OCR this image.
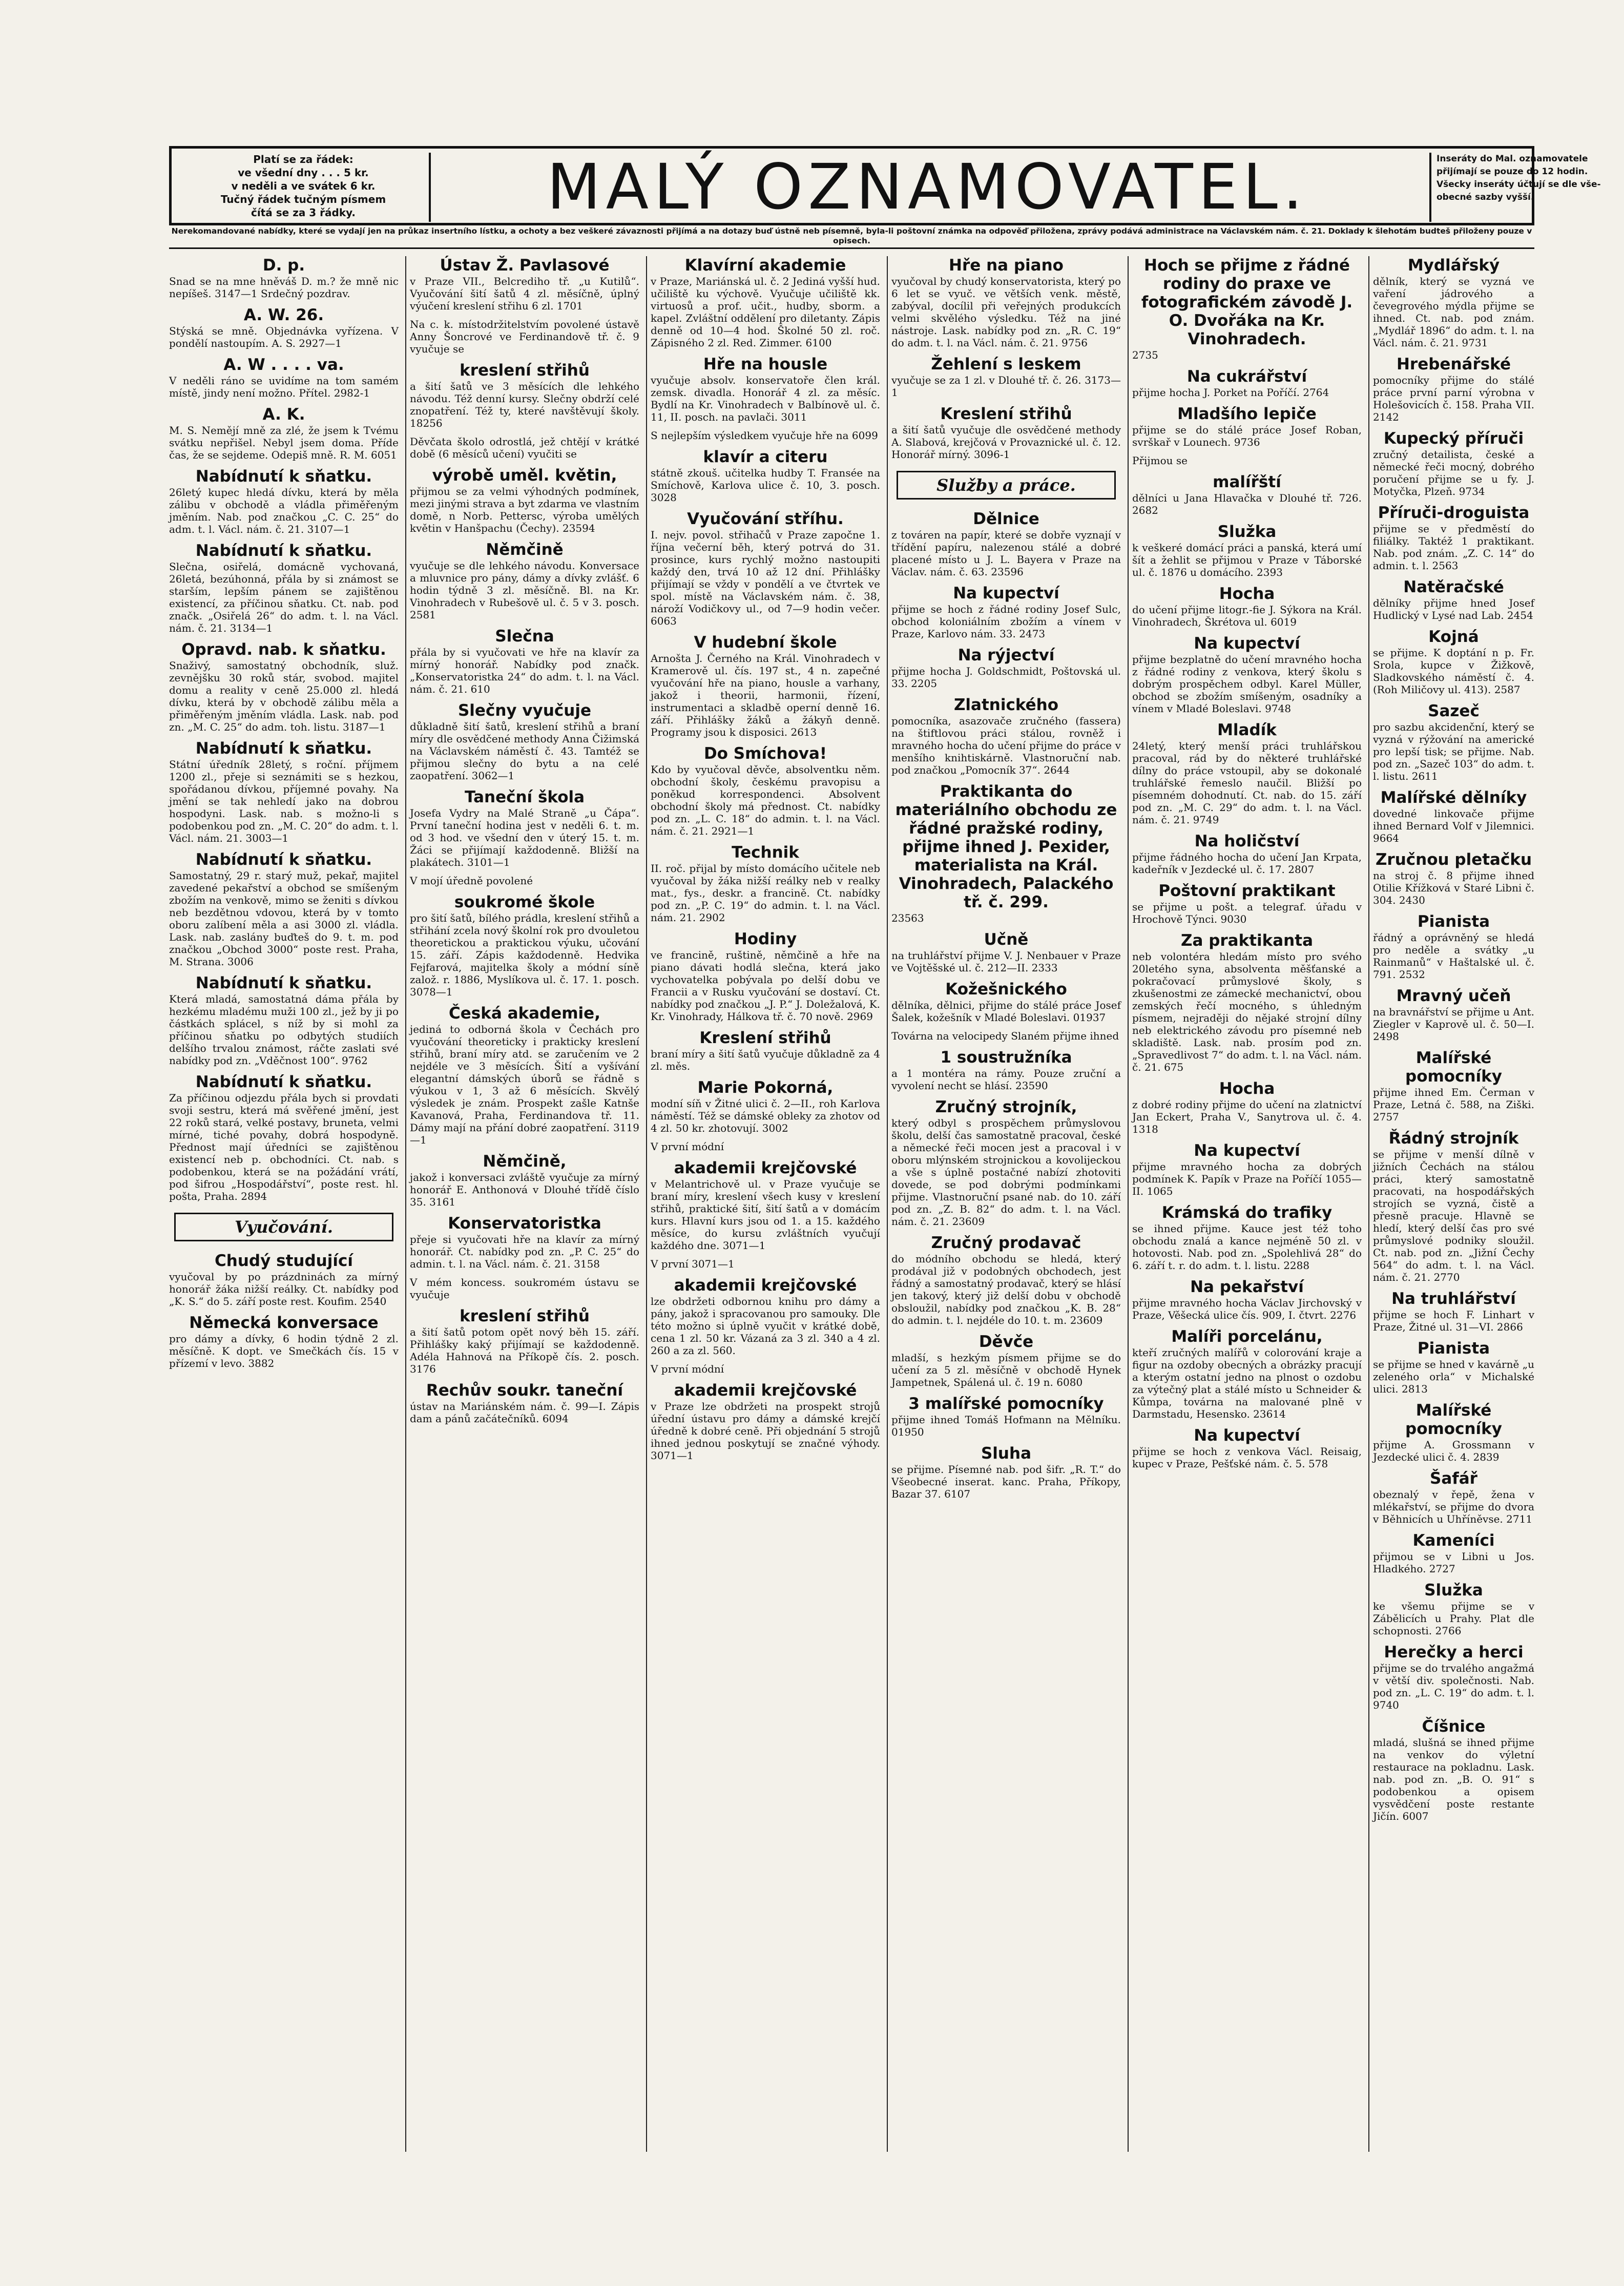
Platí se za řádek:
ve všední dny . . . 5 kr.
v neděli a ve svátek 6 kr.
Tučný řádek tučným písmem
čítá se za 3 řádky.	MALÝ OZNAMOVATEL.	Inseráty do Mal. oznamovatele
přijímají se pouze do 12 hodin.
Všecky inseráty účtují se dle vše-
obecné sazby vyšší.
Nerekomandované nabídky, které se vydají jen na průkaz insertního lístku, a ochoty a bez veškeré závaznosti přijímá a na dotazy buď ústně neb písemně, byla-li poštovní známka na odpověď přiložena, zprávy podává administrace na Václavském nám. č. 21. Doklady k šlehotám budteš přiloženy pouze v opisech.
D. p.
Snad se na mne hněváš D. m.? že mně nic nepíšeš. 3147—1 Srdečný pozdrav.
A. W. 26.
Stýská se mně. Objednávka vyřízena. V pondělí nastoupím. A. S. 2927—1
A. W . . . . va.
V neděli ráno se uvidíme na tom samém místě, jindy není možno. Přítel. 2982-1
A. K.
M. S. Nemějí mně za zlé, že jsem k Tvému svátku nepřišel. Nebyl jsem doma. Příde čas, že se sejdeme. Odepiš mně. R. M. 6051
Nabídnutí k sňatku.
26letý kupec hledá dívku, která by měla zálibu v obchodě a vládla přiměřeným jměním. Nab. pod značkou „C. C. 25“ do adm. t. l. Václ. nám. č. 21. 3107—1
Nabídnutí k sňatku.
Slečna, osiřelá, domácně vychovaná, 26letá, bezúhonná, přála by si známost se starším, lepším pánem se zajištěnou existencí, za příčinou sňatku. Ct. nab. pod značk. „Osiřelá 26“ do adm. t. l. na Václ. nám. č. 21. 3134—1
Opravd. nab. k sňatku.
Snaživý, samostatný obchodník, služ. zevnějšku 30 roků stár, svobod. majitel domu a reality v ceně 25.000 zl. hledá dívku, která by v obchodě zálibu měla a přiměřeným jměním vládla. Lask. nab. pod zn. „M. C. 25“ do adm. toh. listu. 3187—1
Nabídnutí k sňatku.
Státní úředník 28letý, s roční. příjmem 1200 zl., přeje si seznámiti se s hezkou, spořádanou dívkou, příjemné povahy. Na jmění se tak nehledí jako na dobrou hospodyni. Lask. nab. s možno-li s podobenkou pod zn. „M. C. 20“ do adm. t. l. Václ. nám. 21. 3003—1
Nabídnutí k sňatku.
Samostatný, 29 r. starý muž, pekař, majitel zavedené pekařství a obchod se smíšeným zbožím na venkově, mimo se ženiti s dívkou neb bezdětnou vdovou, která by v tomto oboru zalíbení měla a asi 3000 zl. vládla. Lask. nab. zaslány buďteš do 9. t. m. pod značkou „Obchod 3000“ poste rest. Praha, M. Strana. 3006
Nabídnutí k sňatku.
Která mladá, samostatná dáma přála by hezkému mladému muži 100 zl., jež by ji po částkách splácel, s níž by si mohl za příčinou sňatku po odbytých studiích delšího trvalou známost, ráčte zaslati své nabídky pod zn. „Vděčnost 100“. 9762
Nabídnutí k sňatku.
Za příčinou odjezdu přála bych si provdati svoji sestru, která má svěřené jmění, jest 22 roků stará, velké postavy, bruneta, velmi mírné, tiché povahy, dobrá hospodyně. Přednost mají úředníci se zajištěnou existencí neb p. obchodníci. Ct. nab. s podobenkou, která se na požádání vrátí, pod šifrou „Hospodářství“, poste rest. hl. pošta, Praha. 2894
Vyučování.
Chudý studující
vyučoval by po prázdninách za mírný honorář žáka nižší reálky. Ct. nabídky pod „K. S.“ do 5. září poste rest. Koufim. 2540
Německá konversace
pro dámy a dívky, 6 hodin týdně 2 zl. měsíčně. K dopt. ve Smečkách čís. 15 v přízemí v levo. 3882
Ústav Ž. Pavlasové
v Praze VII., Belcrediho tř. „u Kutilů“. Vyučování šití šatů 4 zl. měsíčně, úplný výučení kreslení střihu 6 zl. 1701
Na c. k. místodržitelstvím povolené ústavě Anny Šoncrové ve Ferdinandově tř. č. 9 vyučuje se
kreslení střihů
a šití šatů ve 3 měsících dle lehkého návodu. Též denní kursy. Slečny obdrží celé znopatření. Též ty, které navštěvují školy. 18256
Děvčata školo odrostlá, jež chtějí v krátké době (6 měsíců učení) vyučiti se
výrobě uměl. květin,
přijmou se za velmi výhodných podmínek, mezi jinými strava a byt zdarma ve vlastním domě, n Norb. Pettersc, výroba umělých květin v Hanšpachu (Čechy). 23594
Němčině
vyučuje se dle lehkého návodu. Konversace a mluvnice pro pány, dámy a dívky zvlášť. 6 hodin týdně 3 zl. měsíčně. Bl. na Kr. Vinohradech v Rubešově ul. č. 5 v 3. posch. 2581
Slečna
přála by si vyučovati ve hře na klavír za mírný honorář. Nabídky pod značk. „Konservatoristka 24“ do adm. t. l. na Václ. nám. č. 21. 610
Slečny vyučuje
důkladně šití šatů, kreslení střihů a braní míry dle osvědčené methody Anna Čižimská na Václavském náměstí č. 43. Tamtéž se přijmou slečny do bytu a na celé zaopatření. 3062—1
Taneční škola
Josefa Vydry na Malé Straně „u Čápa“. První taneční hodina jest v neděli 6. t. m. od 3 hod. ve všední den v úterý 15. t. m. Žáci se přijímají každodenně. Bližší na plakátech. 3101—1
V mojí úředně povolené
soukromé škole
pro šití šatů, bílého prádla, kreslení střihů a střihání zcela nový školní rok pro dvouletou theoretickou a praktickou výuku, učování 15. září. Zápis každodenně. Hedvika Fejfarová, majitelka školy a módní síně založ. r. 1886, Myslíkova ul. č. 17. 1. posch. 3078—1
Česká akademie,
jediná to odborná škola v Čechách pro vyučování theoreticky i prakticky kreslení střihů, braní míry atd. se zaručením ve 2 nejdéle ve 3 měsících. Šití a vyšívání elegantní dámských úborů se řádně s výukou v 1, 3 až 6 měsících. Skvělý výsledek je znám. Prospekt zašle Katnše Kavanová, Praha, Ferdinandova tř. 11. Dámy mají na přání dobré zaopatření. 3119—1
Němčině,
jakož i konversaci zvláště vyučuje za mírný honorář E. Anthonová v Dlouhé třídě číslo 35. 3161
Konservatoristka
přeje si vyučovati hře na klavír za mírný honorář. Ct. nabídky pod zn. „P. C. 25“ do admin. t. l. na Václ. nám. č. 21. 3158
V mém koncess. soukromém ústavu se vyučuje
kreslení střihů
a šití šatů potom opět nový běh 15. září. Přihlášky kaký přijímají se každodenně. Adéla Hahnová na Příkopě čís. 2. posch. 3176
Rechův soukr. taneční
ústav na Mariánském nám. č. 99—I. Zápis dam a pánů začátečníků. 6094
Klavírní akademie
v Praze, Mariánská ul. č. 2 Jediná vyšší hud. učiliště ku výchově. Vyučuje učiliště kk. virtuosů a prof. učit., hudby, sborm. a kapel. Zvláštní oddělení pro diletanty. Zápis denně od 10—4 hod. Školné 50 zl. roč. Zápisného 2 zl. Red. Zimmer. 6100
Hře na housle
vyučuje absolv. konservatoře člen král. zemsk. divadla. Honorář 4 zl. za měsíc. Bydlí na Kr. Vinohradech v Balbínově ul. č. 11, II. posch. na pavlači. 3011
S nejlepším výsledkem vyučuje hře na 6099
klavír a citeru
státně zkouš. učitelka hudby T. Fransée na Smíchově, Karlova ulice č. 10, 3. posch. 3028
Vyučování stříhu.
I. nejv. povol. střihačů v Praze započne 1. října večerní běh, který potrvá do 31. prosince, kurs rychlý možno nastoupiti každý den, trvá 10 až 12 dní. Přihlášky přijímají se vždy v pondělí a ve čtvrtek ve spol. místě na Václavském nám. č. 38, nároží Vodičkovy ul., od 7—9 hodin večer. 6063
V hudební škole
Arnošta J. Černého na Král. Vinohradech v Kramerově ul. čís. 197 st., 4 n. zapečné vyučování hře na piano, housle a varhany, jakož i theorii, harmonii, řízení, instrumentaci a skladbě operní denně 16. září. Přihlášky žáků a žákyň denně. Programy jsou k disposici. 2613
Do Smíchova!
Kdo by vyučoval děvče, absolventku něm. obchodní školy, českému pravopisu a poněkud korrespondenci. Absolvent obchodní školy má přednost. Ct. nabídky pod zn. „L. C. 18“ do admin. t. l. na Václ. nám. č. 21. 2921—1
Technik
II. roč. přijal by místo domácího učitele neb vyučoval by žáka nižší reálky neb v realky mat., fys., deskr. a francině. Ct. nabídky pod zn. „P. C. 19“ do admin. t. l. na Václ. nám. 21. 2902
Hodiny
ve francině, ruštině, němčině a hře na piano dávati hodlá slečna, která jako vychovatelka pobývala po delší dobu ve Francii a v Rusku vyučování se dostaví. Ct. nabídky pod značkou „J. P.“ J. Doležalová, K. Kr. Vinohrady, Hálkova tř. č. 70 nově. 2969
Kreslení střihů
braní míry a šití šatů vyučuje důkladně za 4 zl. měs.
Marie Pokorná,
modní síň v Žitné ulici č. 2—II., roh Karlova náměstí. Též se dámské obleky za zhotov od 4 zl. 50 kr. zhotovují. 3002
V první módní
akademii krejčovské
v Melantrichově ul. v Praze vyučuje se braní míry, kreslení všech kusy v kreslení střihů, praktické šití, šití šatů a v domácím kurs. Hlavní kurs jsou od 1. a 15. každého měsíce, do kursu zvláštních vyučují každého dne. 3071—1
V první 3071—1
akademii krejčovské
lze obdržeti odbornou knihu pro dámy a pány, jakož i spracovanou pro samouky. Dle této možno si úplně vyučit v krátké době, cena 1 zl. 50 kr. Vázaná za 3 zl. 340 a 4 zl. 260 a za zl. 560.
V první módní
akademii krejčovské
v Praze lze obdržeti na prospekt strojů úřední ústavu pro dámy a dámské krejčí úředně k dobré ceně. Při objednání 5 strojů ihned jednou poskytují se značné výhody. 3071—1
Hře na piano
vyučoval by chudý konservatorista, který po 6 let se vyuč. ve větších venk. městě, zabýval, docílil při veřejných produkcích velmi skvělého výsledku. Též na jiné nástroje. Lask. nabídky pod zn. „R. C. 19“ do adm. t. l. na Václ. nám. č. 21. 9756
Žehlení s leskem
vyučuje se za 1 zl. v Dlouhé tř. č. 26. 3173—1
Kreslení střihů
a šití šatů vyučuje dle osvědčené methody A. Slabová, krejčová v Provaznické ul. č. 12. Honorář mírný. 3096-1
Služby a práce.
Dělnice
z továren na papír, které se dobře vyznají v třídění papíru, nalezenou stálé a dobré placené místo u J. L. Bayera v Praze na Václav. nám. č. 63. 23596
Na kupectví
přijme se hoch z řádné rodiny Josef Sulc, obchod koloniálním zbožím a vínem v Praze, Karlovo nám. 33. 2473
Na rýjectví
přijme hocha J. Goldschmidt, Poštovská ul. 33. 2205
Zlatnického
pomocníka, asazovače zručného (fassera) na štiftlovou práci stálou, rovněž i mravného hocha do učení přijme do práce v menšího knihtiskárně. Vlastnoruční nab. pod značkou „Pomocník 37“. 2644
Praktikanta do materiálního obchodu ze řádné pražské rodiny, přijme ihned J. Pexider, materialista na Král. Vinohradech, Palackého tř. č. 299.
23563
Učně
na truhlářství přijme V. J. Nenbauer v Praze ve Vojtěšské ul. č. 212—II. 2333
Kožešnického
dělníka, dělnici, přijme do stálé práce Josef Šalek, kožešník v Mladé Boleslavi. 01937
Továrna na velocipedy Slaném přijme ihned
1 soustružníka
a 1 montéra na rámy. Pouze zruční a vyvolení necht se hlásí. 23590
Zručný strojník,
který odbyl s prospěchem průmyslovou školu, delší čas samostatně pracoval, české a německé řeči mocen jest a pracoval i v oboru mlýnském strojnickou a kovolijeckou a vše s úplně postačné nabízí zhotoviti dovede, se pod dobrými podmínkami přijme. Vlastnoruční psané nab. do 10. září pod zn. „Z. B. 82“ do adm. t. l. na Václ. nám. č. 21. 23609
Zručný prodavač
do módního obchodu se hledá, který prodával již v podobných obchodech, jest řádný a samostatný prodavač, který se hlásí jen takový, který již delší dobu v obchodě obsloužil, nabídky pod značkou „K. B. 28“ do admin. t. l. nejdéle do 10. t. m. 23609
Děvče
mladší, s hezkým písmem přijme se do učení za 5 zl. měsíčně v obchodě Hynek Jampetnek, Spálená ul. č. 19 n. 6080
3 malířské pomocníky
přijme ihned Tomáš Hofmann na Mělníku. 01950
Sluha
se přijme. Písemné nab. pod šifr. „R. T.“ do Všeobecné inserat. kanc. Praha, Příkopy, Bazar 37. 6107
Hoch se přijme z řádné rodiny do praxe ve fotografickém závodě J. O. Dvořáka na Kr. Vinohradech.
2735
Na cukrářství
přijme hocha J. Porket na Poříčí. 2764
Mladšího lepiče
přijme se do stálé práce Josef Roban, svrškař v Lounech. 9736
Přijmou se
malířští
dělníci u Jana Hlavačka v Dlouhé tř. 726. 2682
Služka
k veškeré domácí práci a panská, která umí šít a žehlit se přijmou v Praze v Táborské ul. č. 1876 u domácího. 2393
Hocha
do učení přijme litogr.-fie J. Sýkora na Král. Vinohradech, Škrétova ul. 6019
Na kupectví
přijme bezplatně do učení mravného hocha z řádné rodiny z venkova, který školu s dobrým prospěchem odbyl. Karel Müller, obchod se zbožím smíšeným, osadníky a vínem v Mladé Boleslavi. 9748
Mladík
24letý, který menší práci truhlářskou pracoval, rád by do některé truhlářské dílny do práce vstoupil, aby se dokonalé truhlářské řemeslo naučil. Bližší po písemném dohodnutí. Ct. nab. do 15. září pod zn. „M. C. 29“ do adm. t. l. na Václ. nám. č. 21. 9749
Na holičství
přijme řádného hocha do učení Jan Krpata, kadeřník v Jezdecké ul. č. 17. 2807
Poštovní praktikant
se přijme u pošt. a telegraf. úřadu v Hrochově Týnci. 9030
Za praktikanta
neb volontéra hledám místo pro svého 20letého syna, absolventa měšťanské a pokračovací průmyslové školy, s zkušenostmi ze zámecké mechanictví, obou zemských řečí mocného, s úhledným písmem, nejraději do nějaké strojní dílny neb elektrického závodu pro písemné neb skladiště. Lask. nab. prosím pod zn. „Spravedlivost 7“ do adm. t. l. na Václ. nám. č. 21. 675
Hocha
z dobré rodiny přijme do učení na zlatnictví Jan Eckert, Praha V., Sanytrova ul. č. 4. 1318
Na kupectví
přijme mravného hocha za dobrých podmínek K. Papík v Praze na Poříčí 1055—II. 1065
Krámská do trafiky
se ihned přijme. Kauce jest též toho obchodu znalá a kance nejméně 50 zl. v hotovosti. Nab. pod zn. „Spolehlivá 28“ do 6. září t. r. do adm. t. l. listu. 2288
Na pekařství
přijme mravného hocha Václav Jirchovský v Praze, Věšecká ulice čís. 909, I. čtvrt. 2276
Malíři porcelánu,
kteří zručných malířů v colorování kraje a figur na ozdoby obecných a obrázky pracují a kterým ostatní jedno na plnost o ozdobu za výtečný plat a stálé místo u Schneider & Kůmpa, továrna na malované plně v Darmstadu, Hesensko. 23614
Na kupectví
přijme se hoch z venkova Václ. Reisaig, kupec v Praze, Pešťské nám. č. 5. 578
Mydlářský
dělník, který se vyzná ve vaření jádrového a čevegrového mýdla přijme se ihned. Ct. nab. pod znám. „Mydlář 1896“ do adm. t. l. na Václ. nám. č. 21. 9731
Hrebenářské
pomocníky přijme do stálé práce první parní výrobna v Holešovicích č. 158. Praha VII. 2142
Kupecký příruči
zručný detailista, české a německé řeči mocný, dobrého poručení přijme se u fy. J. Motyčka, Plzeň. 9734
Příruči-droguista
přijme se v předměstí do filiálky. Taktéž 1 praktikant. Nab. pod znám. „Z. C. 14“ do admin. t. l. 2563
Natěračské
dělníky přijme hned Josef Hudlický v Lysé nad Lab. 2454
Kojná
se přijme. K doptání n p. Fr. Srola, kupce v Žižkově, Sladkovského náměstí č. 4. (Roh Miličovy ul. 413). 2587
Sazeč
pro sazbu akcidenční, který se vyzná v rýžování na americké pro lepší tisk; se přijme. Nab. pod zn. „Sazeč 103“ do adm. t. l. listu. 2611
Malířské dělníky
dovedné linkovače přijme ihned Bernard Volf v Jilemnici. 9664
Zručnou pletačku
na stroj č. 8 přijme ihned Otilie Křížková v Staré Libni č. 304. 2430
Pianista
řádný a oprávněný se hledá pro neděle a svátky „u Rainmanů“ v Haštalské ul. č. 791. 2532
Mravný učeň
na bravnářství se přijme u Ant. Ziegler v Kaprově ul. č. 50—I. 2498
Malířské pomocníky
přijme ihned Em. Čerman v Praze, Letná č. 588, na Ziški. 2757
Řádný strojník
se přijme v menší dílně v jižních Čechách na stálou práci, který samostatně pracovati, na hospodářských strojích se vyzná, čistě a přesně pracuje. Hlavně se hledí, který delší čas pro své průmyslové podniky sloužil. Ct. nab. pod zn. „Jižní Čechy 564“ do adm. t. l. na Václ. nám. č. 21. 2770
Na truhlářství
přijme se hoch F. Linhart v Praze, Žitné ul. 31—VI. 2866
Pianista
se přijme se hned v kavárně „u zeleného orla“ v Michalské ulici. 2813
Malířské pomocníky
přijme A. Grossmann v Jezdecké ulici č. 4. 2839
Šafář
obeznalý v řepě, žena v mlékařství, se přijme do dvora v Běhnicích u Uhříněvse. 2711
Kameníci
přijmou se v Libni u Jos. Hladkého. 2727
Služka
ke všemu přijme se v Zábělicích u Prahy. Plat dle schopnosti. 2766
Herečky a herci
přijme se do trvalého angažmá v větší div. společnosti. Nab. pod zn. „L. C. 19“ do adm. t. l. 9740
Číšnice
mladá, slušná se ihned přijme na venkov do výletní restaurace na pokladnu. Lask. nab. pod zn. „B. O. 91“ s podobenkou a opisem vysvědčení poste restante Jičín. 6007
